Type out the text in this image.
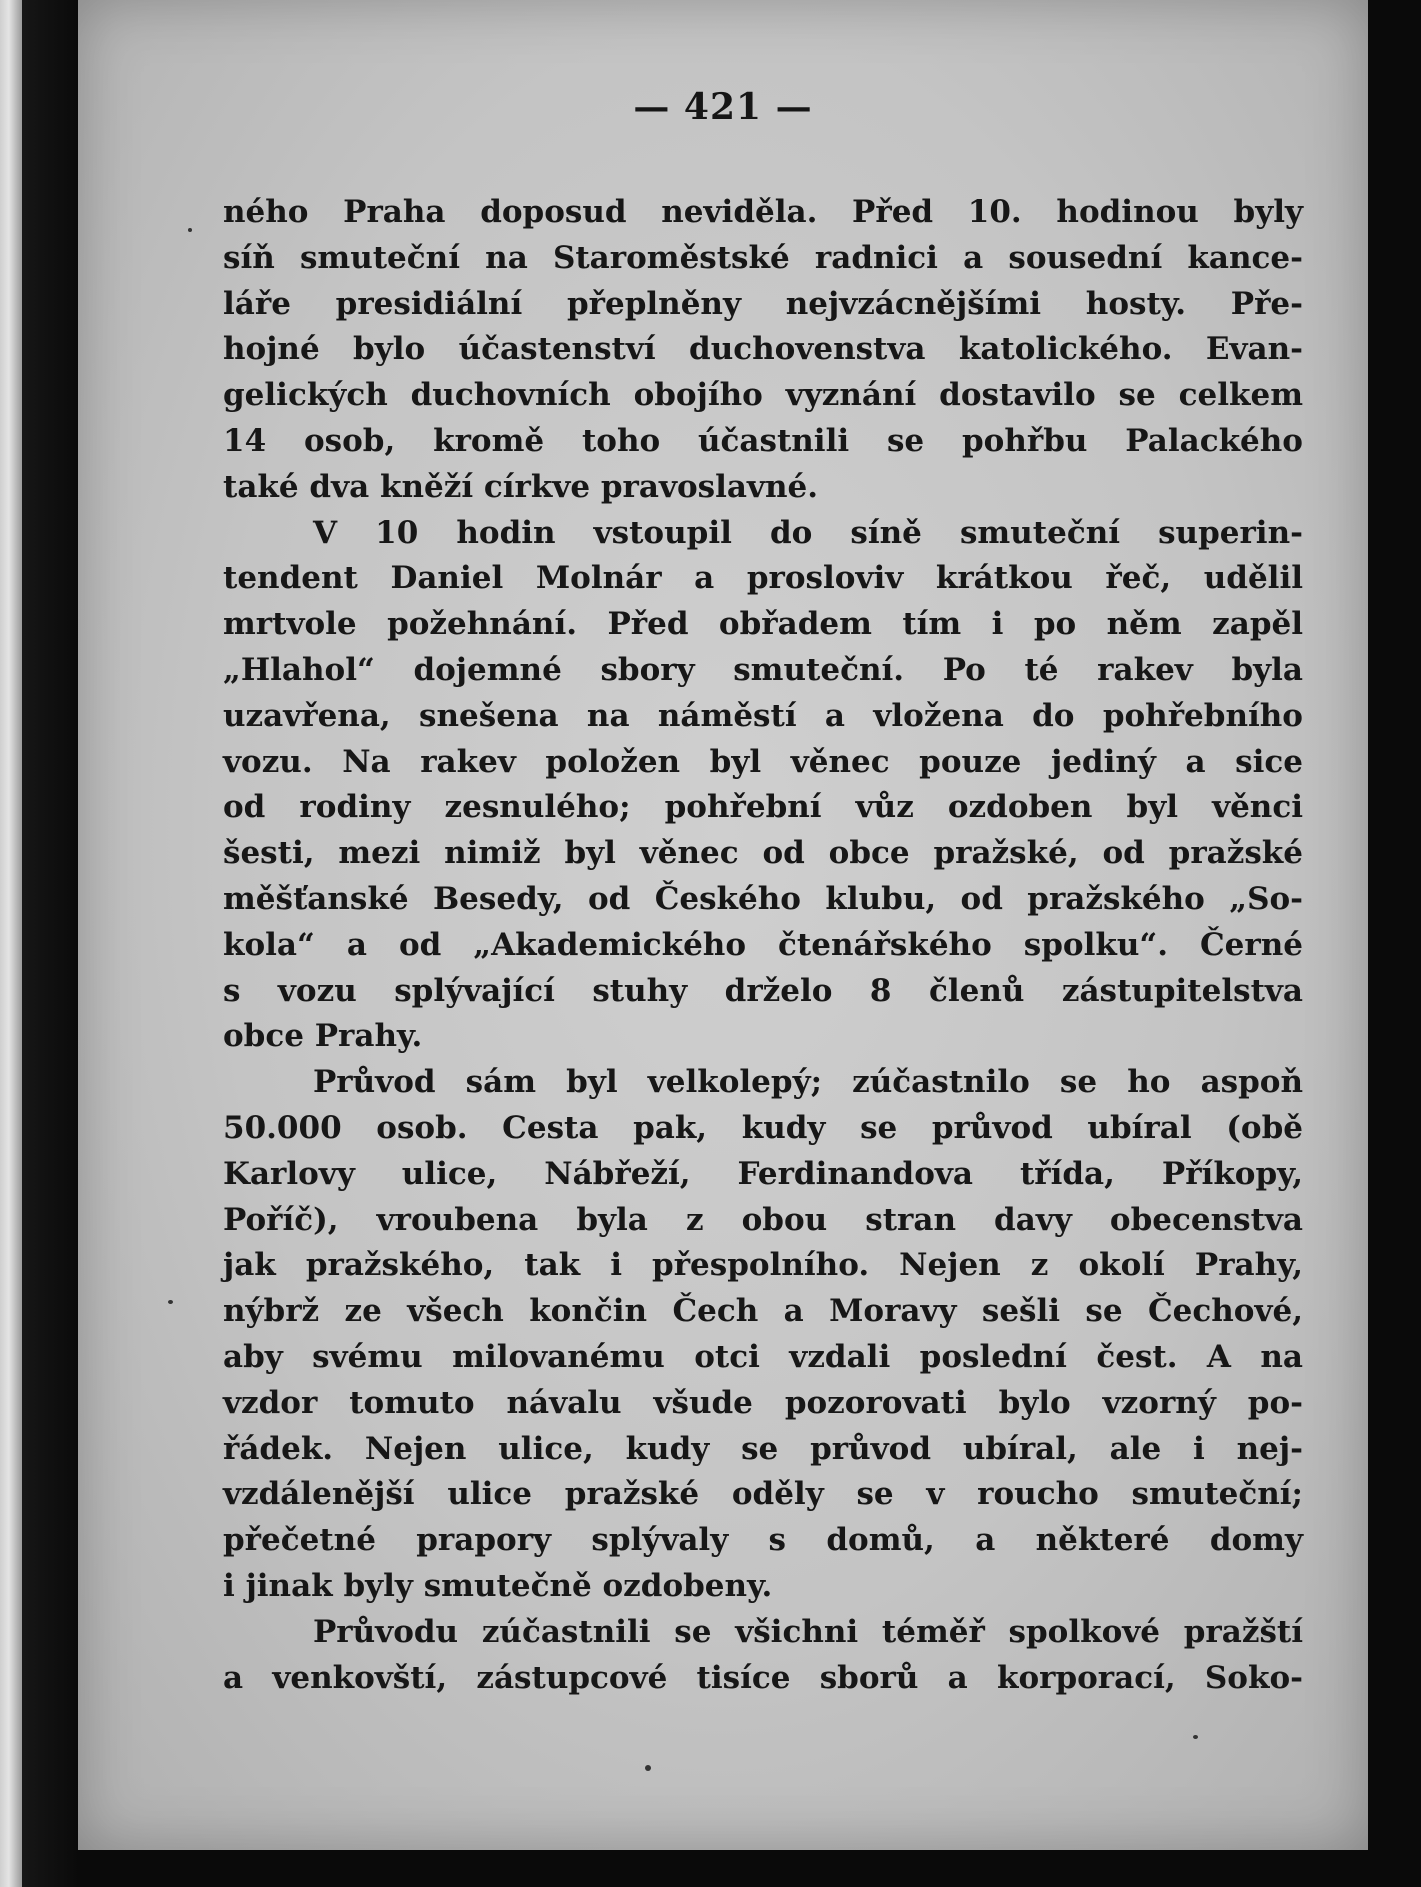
— 421 —
ného Praha doposud neviděla. Před 10. hodinou byly
síň smuteční na Staroměstské radnici a sousední kance-
láře presidiální přeplněny nejvzácnějšími hosty. Pře-
hojné bylo účastenství duchovenstva katolického. Evan-
gelických duchovních obojího vyznání dostavilo se celkem
14 osob, kromě toho účastnili se pohřbu Palackého
také dva kněží církve pravoslavné.
V 10 hodin vstoupil do síně smuteční superin-
tendent Daniel Molnár a prosloviv krátkou řeč, udělil
mrtvole požehnání. Před obřadem tím i po něm zapěl
„Hlahol“ dojemné sbory smuteční. Po té rakev byla
uzavřena, snešena na náměstí a vložena do pohřebního
vozu. Na rakev položen byl věnec pouze jediný a sice
od rodiny zesnulého; pohřební vůz ozdoben byl věnci
šesti, mezi nimiž byl věnec od obce pražské, od pražské
měšťanské Besedy, od Českého klubu, od pražského „So-
kola“ a od „Akademického čtenářského spolku“. Černé
s vozu splývající stuhy drželo 8 členů zástupitelstva
obce Prahy.
Průvod sám byl velkolepý; zúčastnilo se ho aspoň
50.000 osob. Cesta pak, kudy se průvod ubíral (obě
Karlovy ulice, Nábřeží, Ferdinandova třída, Příkopy,
Poříč), vroubena byla z obou stran davy obecenstva
jak pražského, tak i přespolního. Nejen z okolí Prahy,
nýbrž ze všech končin Čech a Moravy sešli se Čechové,
aby svému milovanému otci vzdali poslední čest. A na
vzdor tomuto návalu všude pozorovati bylo vzorný po-
řádek. Nejen ulice, kudy se průvod ubíral, ale i nej-
vzdálenější ulice pražské oděly se v roucho smuteční;
přečetné prapory splývaly s domů, a některé domy
i jinak byly smutečně ozdobeny.
Průvodu zúčastnili se všichni téměř spolkové pražští
a venkovští, zástupcové tisíce sborů a korporací, Soko-
